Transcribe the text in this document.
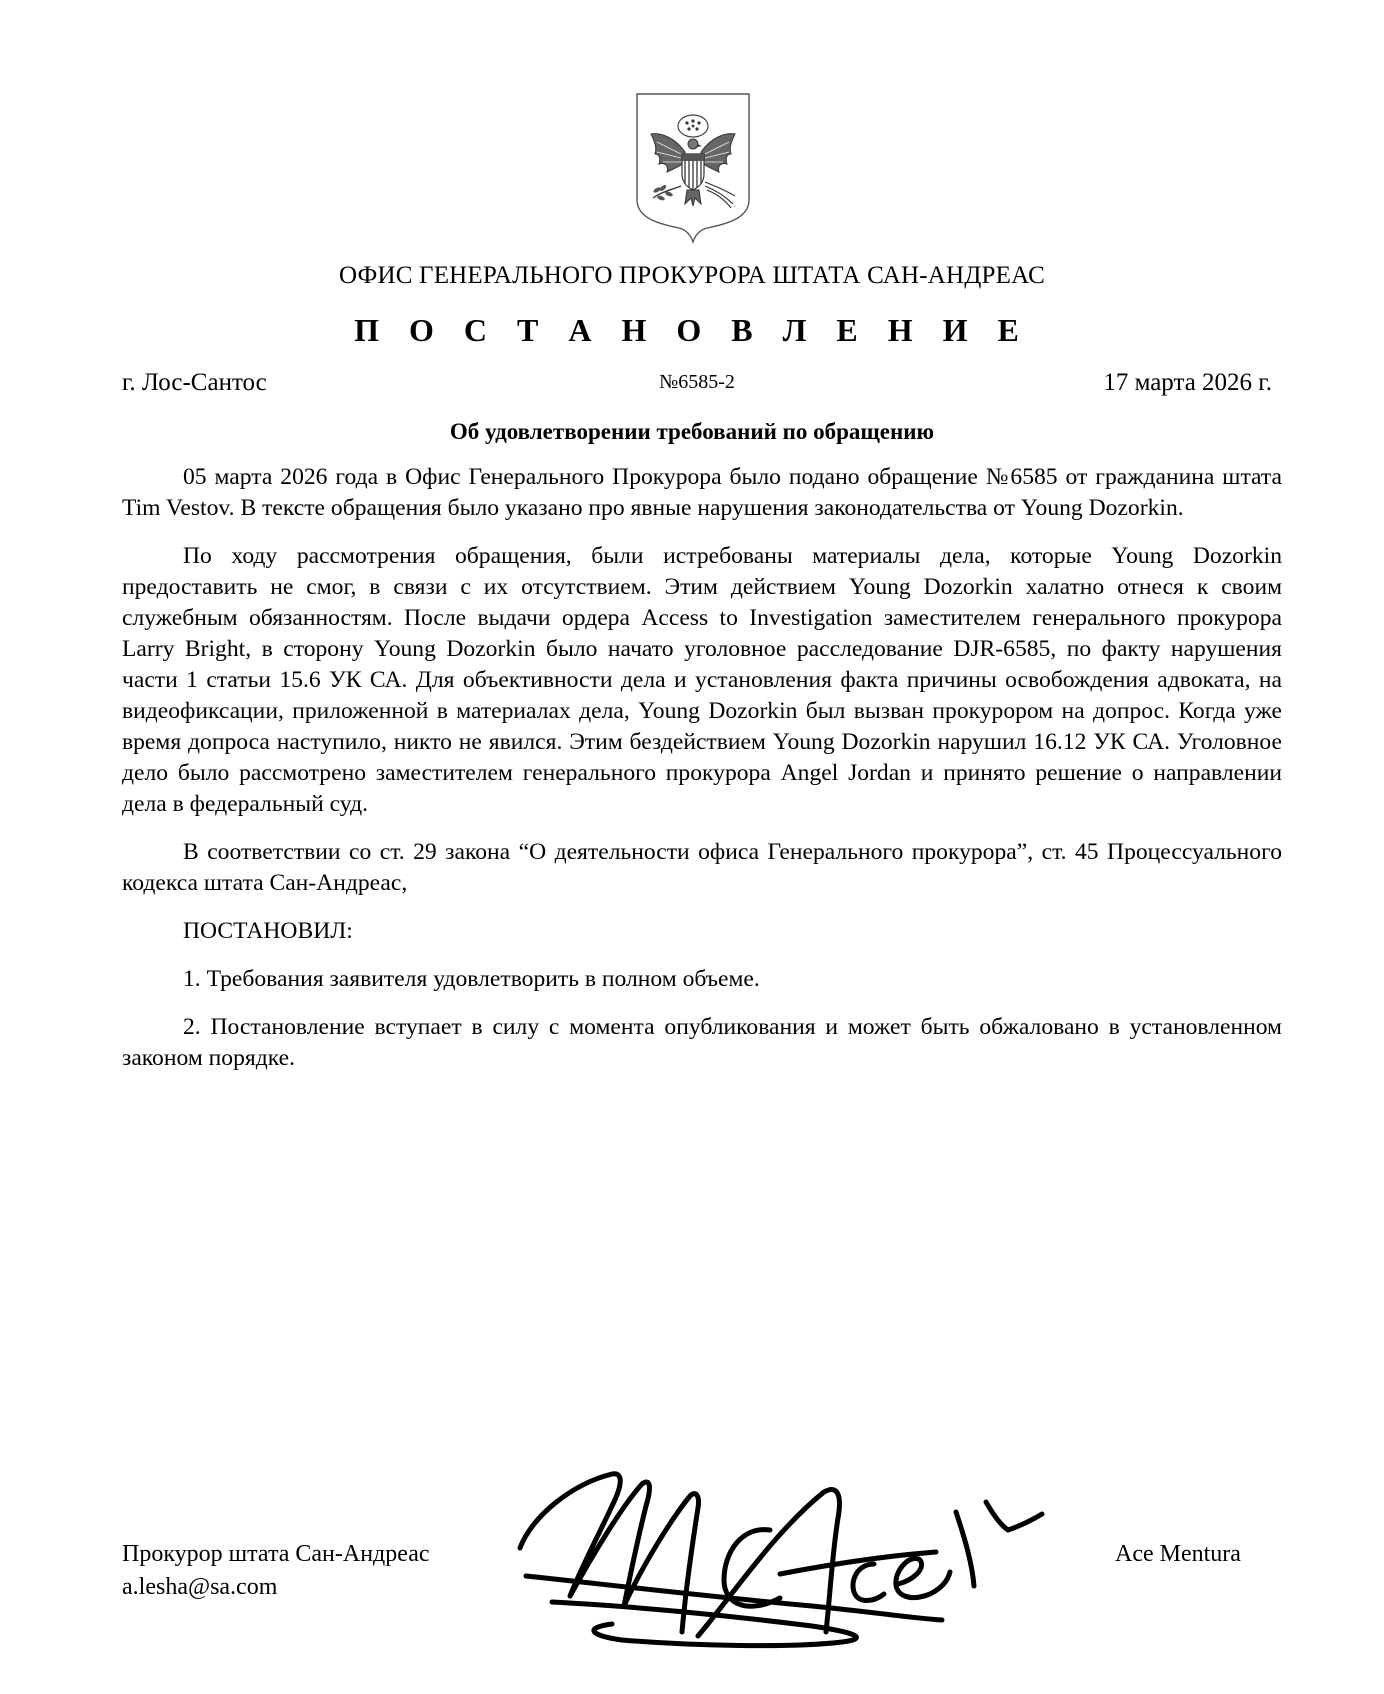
ОФИС ГЕНЕРАЛЬНОГО ПРОКУРОРА ШТАТА САН-АНДРЕАС
П О С Т А Н О В Л Е Н И Е
г. Лос-Сантос	№6585-2	17 марта 2026 г.
Об удовлетворении требований по обращению

05 марта 2026 года в Офис Генерального Прокурора было подано обращение №6585 от гражданина штата Tim Vestov. В тексте обращения было указано про явные нарушения законодательства от Young Dozorkin.

По ходу рассмотрения обращения, были истребованы материалы дела, которые Young Dozorkin предоставить не смог, в связи с их отсутствием. Этим действием Young Dozorkin халатно отнеся к своим служебным обязанностям. После выдачи ордера Access to Investigation заместителем генерального прокурора Larry Bright, в сторону Young Dozorkin было начато уголовное расследование DJR-6585, по факту нарушения части 1 статьи 15.6 УК СА. Для объективности дела и установления факта причины освобождения адвоката, на видеофиксации, приложенной в материалах дела, Young Dozorkin был вызван прокурором на допрос. Когда уже время допроса наступило, никто не явился. Этим бездействием Young Dozorkin нарушил 16.12 УК СА. Уголовное дело было рассмотрено заместителем генерального прокурора Angel Jordan и принято решение о направлении дела в федеральный суд.

В соответствии со ст. 29 закона “О деятельности офиса Генерального прокурора”, ст. 45 Процессуального кодекса штата Сан-Андреас,

ПОСТАНОВИЛ:

1. Требования заявителя удовлетворить в полном объеме.

2. Постановление вступает в силу с момента опубликования и может быть обжаловано в установленном законом порядке.

Прокурор штата Сан-Андреас
a.lesha@sa.com
Ace Mentura
